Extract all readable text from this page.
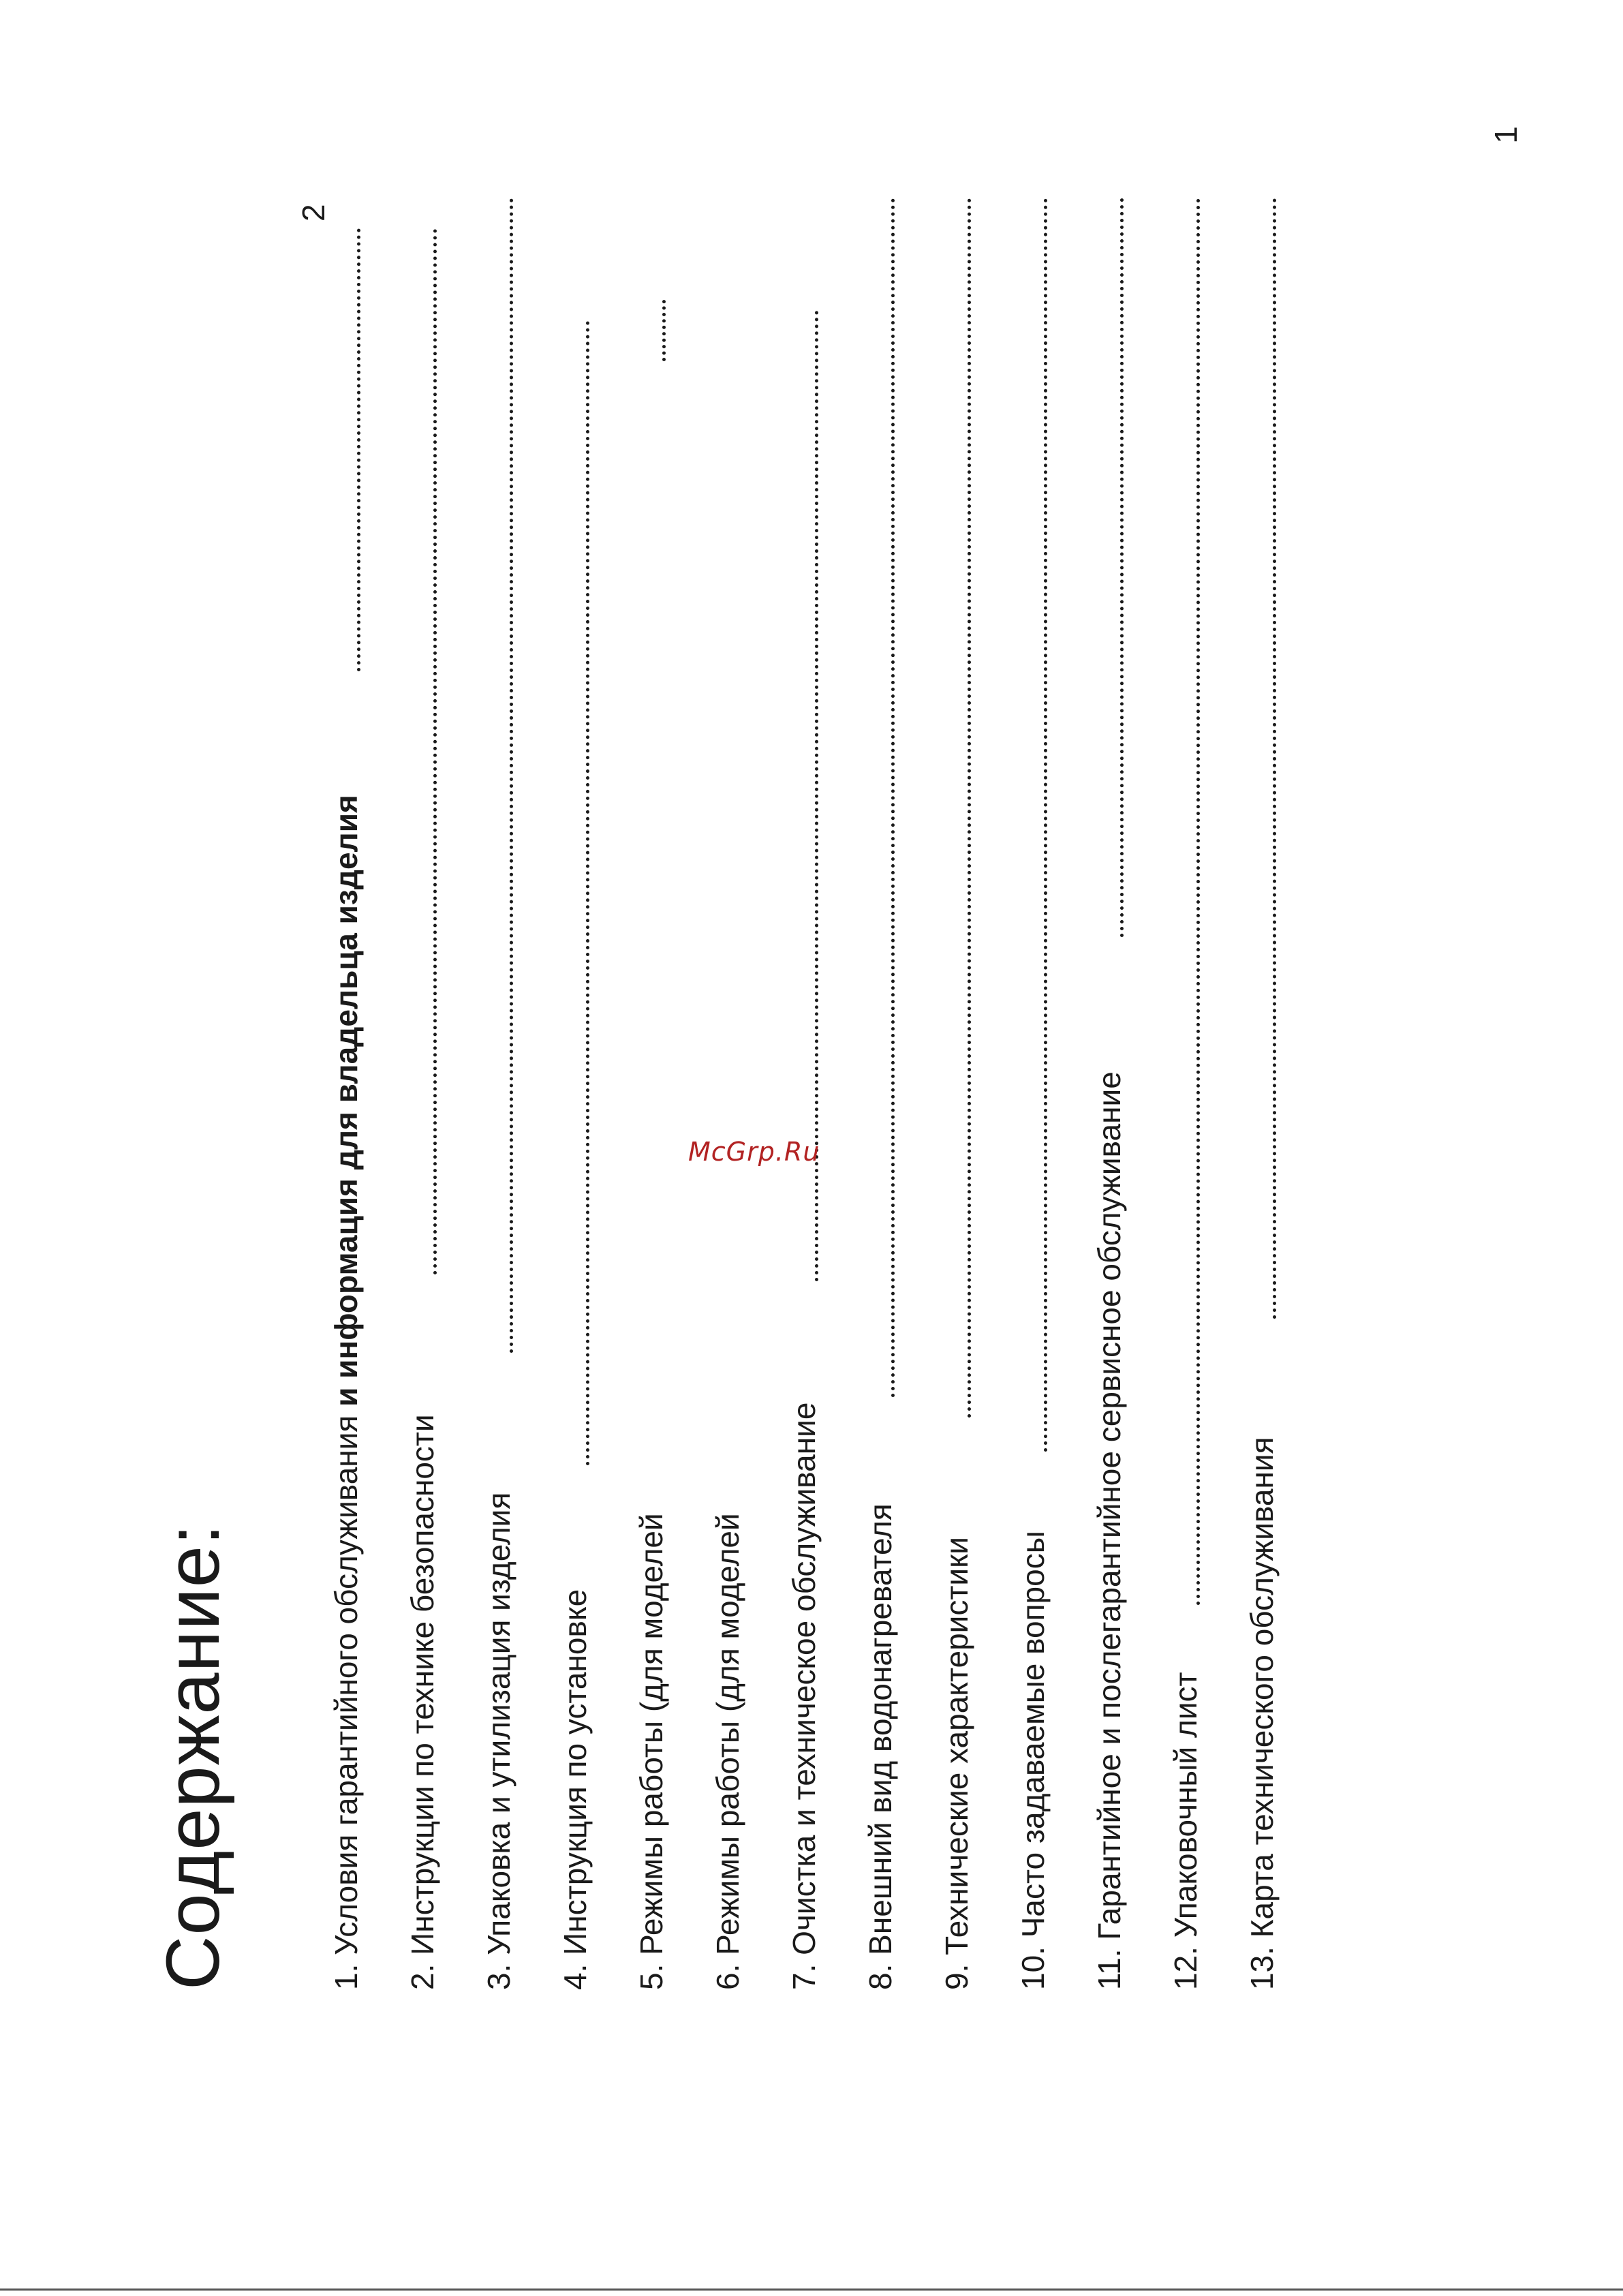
1
Содержание:	1. Условия гарантийного обслуживания и информация для владельца изделия
2
2. Инструкции по технике безопасности
3. Упаковка и утилизация изделия
4. Инструкция по установке
5. Режимы работы (для моделей
6. Режимы работы (для моделей
7. Очистка и техническое обслуживание
8. Внешний вид водонагревателя
9. Технические характеристики
10. Часто задаваемые вопросы
11. Гарантийное и послегарантийное сервисное обслуживание
12. Упаковочный лист
13. Карта технического обслуживания
McGrp.Ru
